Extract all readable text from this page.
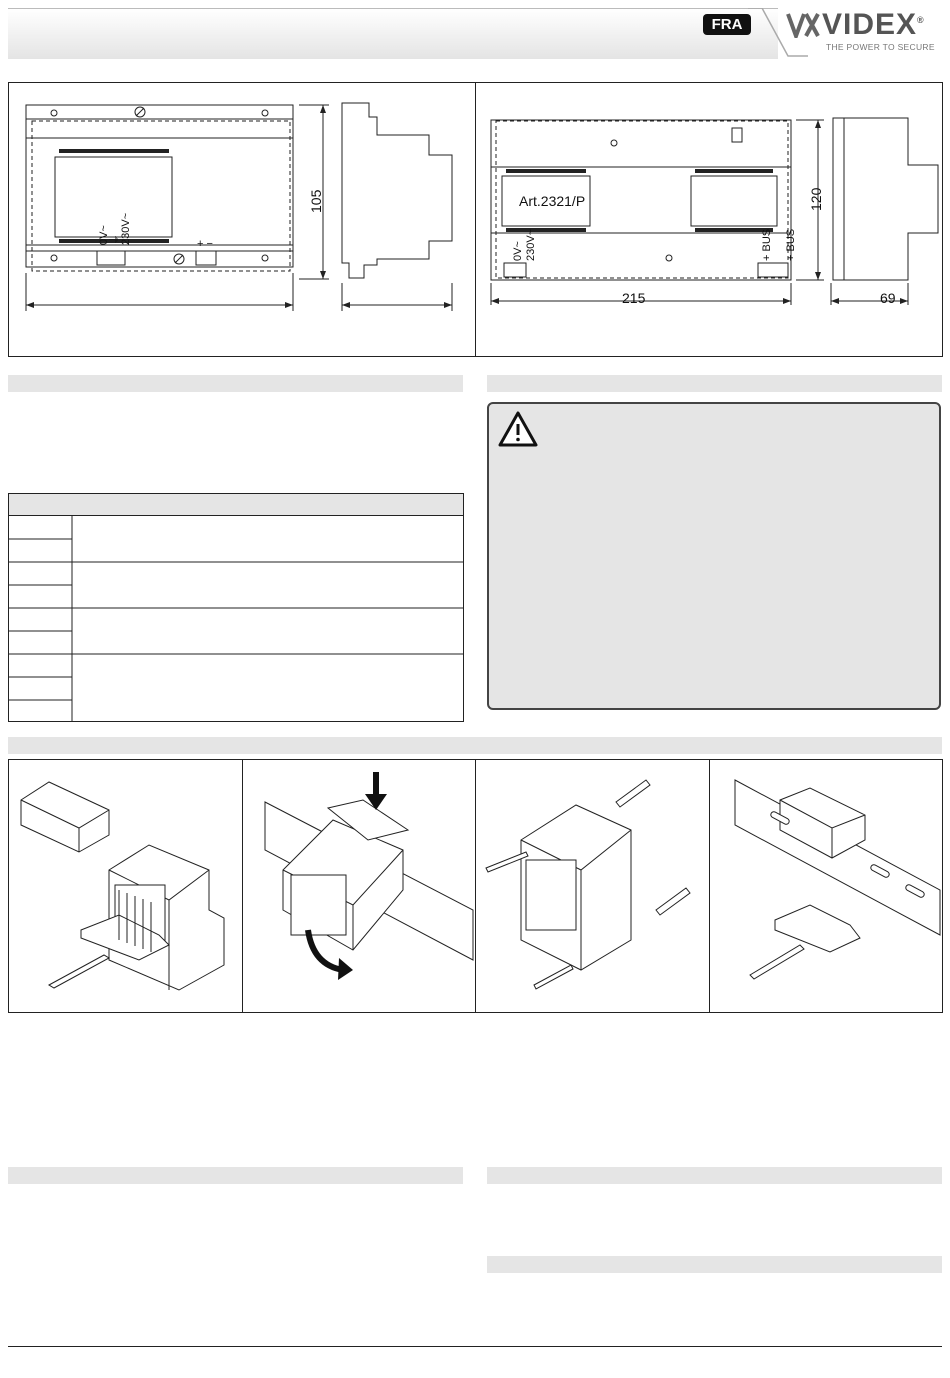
FRA	VIDEX®
THE POWER TO SECURE
105
0V~ ⏚ 230V~	+ −
Art.2321/P
215
120
69
0V~ 230V~	+ BUS + BUS
